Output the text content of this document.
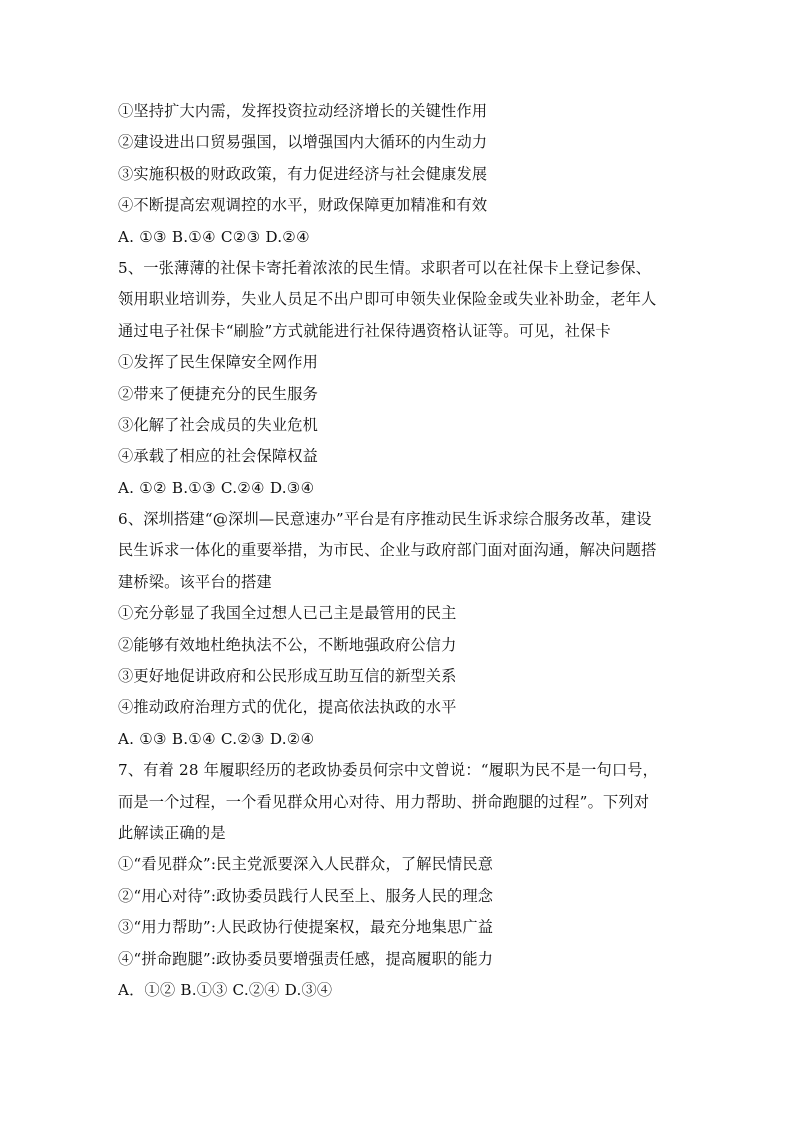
①坚持扩大内需，发挥投资拉动经济增长的关键性作用
②建设进出口贸易强国，以增强国内大循环的内生动力
③实施积极的财政政策，有力促进经济与社会健康发展
④不断提高宏观调控的水平，财政保障更加精准和有效
A. ①③ B.①④ C②③ D.②④
5、一张薄薄的社保卡寄托着浓浓的民生情。求职者可以在社保卡上登记参保、
领用职业培训券，失业人员足不出户即可申领失业保险金或失业补助金，老年人
通过电子社保卡“刷脸”方式就能进行社保待遇资格认证等。可见，社保卡
①发挥了民生保障安全网作用
②带来了便捷充分的民生服务
③化解了社会成员的失业危机
④承载了相应的社会保障权益
A. ①② B.①③ C.②④ D.③④
6、深圳搭建“@深圳—民意速办”平台是有序推动民生诉求综合服务改革，建设
民生诉求一体化的重要举措，为市民、企业与政府部门面对面沟通，解决问题搭
建桥梁。该平台的搭建
①充分彰显了我国全过想人已己主是最管用的民主
②能够有效地杜绝执法不公，不断地强政府公信力
③更好地促讲政府和公民形成互助互信的新型关系
④推动政府治理方式的优化，提高依法执政的水平
A. ①③ B.①④ C.②③ D.②④
7、有着 28 年履职经历的老政协委员何宗中文曾说：“履职为民不是一句口号，
而是一个过程，一个看见群众用心对待、用力帮助、拼命跑腿的过程”。下列对
此解读正确的是
①“看见群众”:民主党派要深入人民群众，了解民情民意
②“用心对待”:政协委员践行人民至上、服务人民的理念
③“用力帮助”:人民政协行使提案权，最充分地集思广益
④“拼命跑腿”:政协委员要增强责任感，提高履职的能力
A．①② B.①③ C.②④ D.③④
